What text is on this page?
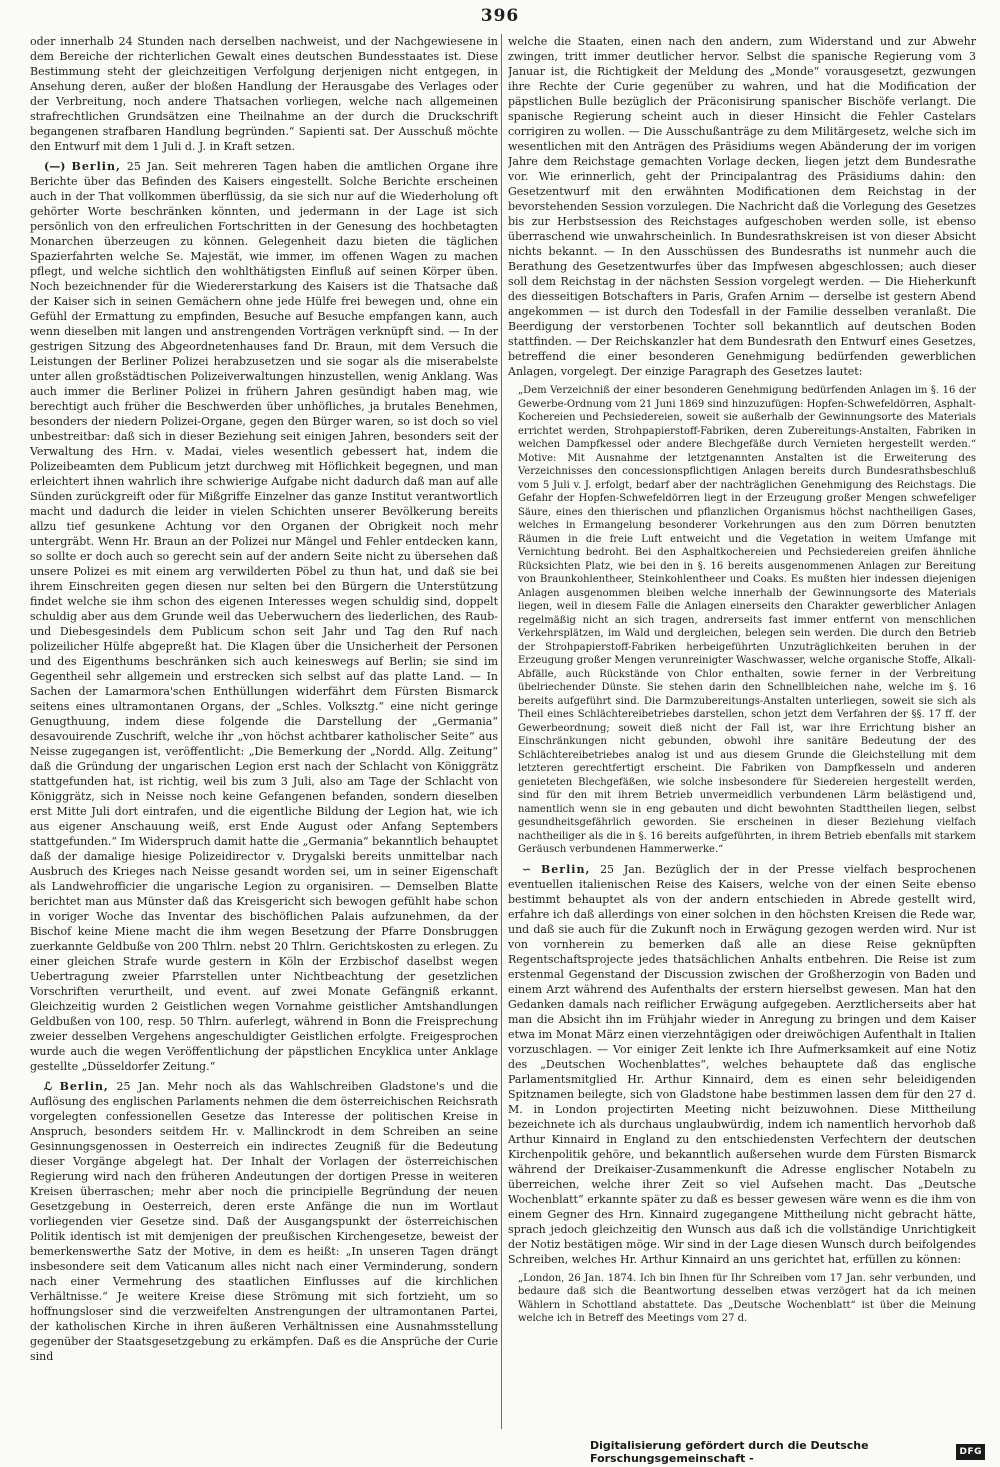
396

oder innerhalb 24 Stunden nach derselben nachweist, und der Nachgewiesene in dem Bereiche der richterlichen Gewalt eines deutschen Bundesstaates ist. Diese Bestimmung steht der gleichzeitigen Verfolgung derjenigen nicht entgegen, in Ansehung deren, außer der bloßen Handlung der Herausgabe des Verlages oder der Verbreitung, noch andere Thatsachen vorliegen, welche nach allgemeinen strafrechtlichen Grundsätzen eine Theilnahme an der durch die Druckschrift begangenen strafbaren Handlung begründen.“ Sapienti sat. Der Ausschuß möchte den Entwurf mit dem 1 Juli d. J. in Kraft setzen.

(—) Berlin, 25 Jan. Seit mehreren Tagen haben die amtlichen Organe ihre Berichte über das Befinden des Kaisers eingestellt. Solche Berichte erscheinen auch in der That vollkommen überflüssig, da sie sich nur auf die Wiederholung oft gehörter Worte beschränken könnten, und jedermann in der Lage ist sich persönlich von den erfreulichen Fortschritten in der Genesung des hochbetagten Monarchen überzeugen zu können. Gelegenheit dazu bieten die täglichen Spazierfahrten welche Se. Majestät, wie immer, im offenen Wagen zu machen pflegt, und welche sichtlich den wohlthätigsten Einfluß auf seinen Körper üben. Noch bezeichnender für die Wiedererstarkung des Kaisers ist die Thatsache daß der Kaiser sich in seinen Gemächern ohne jede Hülfe frei bewegen und, ohne ein Gefühl der Ermattung zu empfinden, Besuche auf Besuche empfangen kann, auch wenn dieselben mit langen und anstrengenden Vorträgen verknüpft sind. — In der gestrigen Sitzung des Abgeordnetenhauses fand Dr. Braun, mit dem Versuch die Leistungen der Berliner Polizei herabzusetzen und sie sogar als die miserabelste unter allen großstädtischen Polizeiverwaltungen hinzustellen, wenig Anklang. Was auch immer die Berliner Polizei in frühern Jahren gesündigt haben mag, wie berechtigt auch früher die Beschwerden über unhöfliches, ja brutales Benehmen, besonders der niedern Polizei-Organe, gegen den Bürger waren, so ist doch so viel unbestreitbar: daß sich in dieser Beziehung seit einigen Jahren, besonders seit der Verwaltung des Hrn. v. Madai, vieles wesentlich gebessert hat, indem die Polizeibeamten dem Publicum jetzt durchweg mit Höflichkeit begegnen, und man erleichtert ihnen wahrlich ihre schwierige Aufgabe nicht dadurch daß man auf alle Sünden zurückgreift oder für Mißgriffe Einzelner das ganze Institut verantwortlich macht und dadurch die leider in vielen Schichten unserer Bevölkerung bereits allzu tief gesunkene Achtung vor den Organen der Obrigkeit noch mehr untergräbt. Wenn Hr. Braun an der Polizei nur Mängel und Fehler entdecken kann, so sollte er doch auch so gerecht sein auf der andern Seite nicht zu übersehen daß unsere Polizei es mit einem arg verwilderten Pöbel zu thun hat, und daß sie bei ihrem Einschreiten gegen diesen nur selten bei den Bürgern die Unterstützung findet welche sie ihm schon des eigenen Interesses wegen schuldig sind, doppelt schuldig aber aus dem Grunde weil das Ueberwuchern des liederlichen, des Raub- und Diebesgesindels dem Publicum schon seit Jahr und Tag den Ruf nach polizeilicher Hülfe abgepreßt hat. Die Klagen über die Unsicherheit der Personen und des Eigenthums beschränken sich auch keineswegs auf Berlin; sie sind im Gegentheil sehr allgemein und erstrecken sich selbst auf das platte Land. — In Sachen der Lamarmora'schen Enthüllungen widerfährt dem Fürsten Bismarck seitens eines ultramontanen Organs, der „Schles. Volksztg.“ eine nicht geringe Genugthuung, indem diese folgende die Darstellung der „Germania“ desavouirende Zuschrift, welche ihr „von höchst achtbarer katholischer Seite“ aus Neisse zugegangen ist, veröffentlicht: „Die Bemerkung der „Nordd. Allg. Zeitung“ daß die Gründung der ungarischen Legion erst nach der Schlacht von Königgrätz stattgefunden hat, ist richtig, weil bis zum 3 Juli, also am Tage der Schlacht von Königgrätz, sich in Neisse noch keine Gefangenen befanden, sondern dieselben erst Mitte Juli dort eintrafen, und die eigentliche Bildung der Legion hat, wie ich aus eigener Anschauung weiß, erst Ende August oder Anfang Septembers stattgefunden.“ Im Widerspruch damit hatte die „Germania“ bekanntlich behauptet daß der damalige hiesige Polizeidirector v. Drygalski bereits unmittelbar nach Ausbruch des Krieges nach Neisse gesandt worden sei, um in seiner Eigenschaft als Landwehrofficier die ungarische Legion zu organisiren. — Demselben Blatte berichtet man aus Münster daß das Kreisgericht sich bewogen gefühlt habe schon in voriger Woche das Inventar des bischöflichen Palais aufzunehmen, da der Bischof keine Miene macht die ihm wegen Besetzung der Pfarre Donsbruggen zuerkannte Geldbuße von 200 Thlrn. nebst 20 Thlrn. Gerichtskosten zu erlegen. Zu einer gleichen Strafe wurde gestern in Köln der Erzbischof daselbst wegen Uebertragung zweier Pfarrstellen unter Nichtbeachtung der gesetzlichen Vorschriften verurtheilt, und event. auf zwei Monate Gefängniß erkannt. Gleichzeitig wurden 2 Geistlichen wegen Vornahme geistlicher Amtshandlungen Geldbußen von 100, resp. 50 Thlrn. auferlegt, während in Bonn die Freisprechung zweier desselben Vergehens angeschuldigter Geistlichen erfolgte. Freigesprochen wurde auch die wegen Veröffentlichung der päpstlichen Encyklica unter Anklage gestellte „Düsseldorfer Zeitung.“

ℒ Berlin, 25 Jan. Mehr noch als das Wahlschreiben Gladstone's und die Auflösung des englischen Parlaments nehmen die dem österreichischen Reichsrath vorgelegten confessionellen Gesetze das Interesse der politischen Kreise in Anspruch, besonders seitdem Hr. v. Mallinckrodt in dem Schreiben an seine Gesinnungsgenossen in Oesterreich ein indirectes Zeugniß für die Bedeutung dieser Vorgänge abgelegt hat. Der Inhalt der Vorlagen der österreichischen Regierung wird nach den früheren Andeutungen der dortigen Presse in weiteren Kreisen überraschen; mehr aber noch die principielle Begründung der neuen Gesetzgebung in Oesterreich, deren erste Anfänge die nun im Wortlaut vorliegenden vier Gesetze sind. Daß der Ausgangspunkt der österreichischen Politik identisch ist mit demjenigen der preußischen Kirchengesetze, beweist der bemerkenswerthe Satz der Motive, in dem es heißt: „In unseren Tagen drängt insbesondere seit dem Vaticanum alles nicht nach einer Verminderung, sondern nach einer Vermehrung des staatlichen Einflusses auf die kirchlichen Verhältnisse.“ Je weitere Kreise diese Strömung mit sich fortzieht, um so hoffnungsloser sind die verzweifelten Anstrengungen der ultramontanen Partei, der katholischen Kirche in ihren äußeren Verhältnissen eine Ausnahmsstellung gegenüber der Staatsgesetzgebung zu erkämpfen. Daß es die Ansprüche der Curie sind

welche die Staaten, einen nach den andern, zum Widerstand und zur Abwehr zwingen, tritt immer deutlicher hervor. Selbst die spanische Regierung vom 3 Januar ist, die Richtigkeit der Meldung des „Monde“ vorausgesetzt, gezwungen ihre Rechte der Curie gegenüber zu wahren, und hat die Modification der päpstlichen Bulle bezüglich der Präconisirung spanischer Bischöfe verlangt. Die spanische Regierung scheint auch in dieser Hinsicht die Fehler Castelars corrigiren zu wollen. — Die Ausschußanträge zu dem Militärgesetz, welche sich im wesentlichen mit den Anträgen des Präsidiums wegen Abänderung der im vorigen Jahre dem Reichstage gemachten Vorlage decken, liegen jetzt dem Bundesrathe vor. Wie erinnerlich, geht der Principalantrag des Präsidiums dahin: den Gesetzentwurf mit den erwähnten Modificationen dem Reichstag in der bevorstehenden Session vorzulegen. Die Nachricht daß die Vorlegung des Gesetzes bis zur Herbstsession des Reichstages aufgeschoben werden solle, ist ebenso überraschend wie unwahrscheinlich. In Bundesrathskreisen ist von dieser Absicht nichts bekannt. — In den Ausschüssen des Bundesraths ist nunmehr auch die Berathung des Gesetzentwurfes über das Impfwesen abgeschlossen; auch dieser soll dem Reichstag in der nächsten Session vorgelegt werden. — Die Hieherkunft des diesseitigen Botschafters in Paris, Grafen Arnim — derselbe ist gestern Abend angekommen — ist durch den Todesfall in der Familie desselben veranlaßt. Die Beerdigung der verstorbenen Tochter soll bekanntlich auf deutschen Boden stattfinden. — Der Reichskanzler hat dem Bundesrath den Entwurf eines Gesetzes, betreffend die einer besonderen Genehmigung bedürfenden gewerblichen Anlagen, vorgelegt. Der einzige Paragraph des Gesetzes lautet:

„Dem Verzeichniß der einer besonderen Genehmigung bedürfenden Anlagen im §. 16 der Gewerbe-Ordnung vom 21 Juni 1869 sind hinzuzufügen: Hopfen-Schwefeldörren, Asphalt-Kochereien und Pechsiedereien, soweit sie außerhalb der Gewinnungsorte des Materials errichtet werden, Strohpapierstoff-Fabriken, deren Zubereitungs-Anstalten, Fabriken in welchen Dampfkessel oder andere Blechgefäße durch Vernieten hergestellt werden.“ Motive: Mit Ausnahme der letztgenannten Anstalten ist die Erweiterung des Verzeichnisses den concessionspflichtigen Anlagen bereits durch Bundesrathsbeschluß vom 5 Juli v. J. erfolgt, bedarf aber der nachträglichen Genehmigung des Reichstags. Die Gefahr der Hopfen-Schwefeldörren liegt in der Erzeugung großer Mengen schwefeliger Säure, eines den thierischen und pflanzlichen Organismus höchst nachtheiligen Gases, welches in Ermangelung besonderer Vorkehrungen aus den zum Dörren benutzten Räumen in die freie Luft entweicht und die Vegetation in weitem Umfange mit Vernichtung bedroht. Bei den Asphaltkochereien und Pechsiedereien greifen ähnliche Rücksichten Platz, wie bei den in §. 16 bereits ausgenommenen Anlagen zur Bereitung von Braunkohlentheer, Steinkohlentheer und Coaks. Es mußten hier indessen diejenigen Anlagen ausgenommen bleiben welche innerhalb der Gewinnungsorte des Materials liegen, weil in diesem Falle die Anlagen einerseits den Charakter gewerblicher Anlagen regelmäßig nicht an sich tragen, andrerseits fast immer entfernt von menschlichen Verkehrsplätzen, im Wald und dergleichen, belegen sein werden. Die durch den Betrieb der Strohpapierstoff-Fabriken herbeigeführten Unzuträglichkeiten beruhen in der Erzeugung großer Mengen verunreinigter Waschwasser, welche organische Stoffe, Alkali-Abfälle, auch Rückstände von Chlor enthalten, sowie ferner in der Verbreitung übelriechender Dünste. Sie stehen darin den Schnellbleichen nahe, welche im §. 16 bereits aufgeführt sind. Die Darmzubereitungs-Anstalten unterliegen, soweit sie sich als Theil eines Schlächtereibetriebes darstellen, schon jetzt dem Verfahren der §§. 17 ff. der Gewerbeordnung; soweit dieß nicht der Fall ist, war ihre Errichtung bisher an Einschränkungen nicht gebunden, obwohl ihre sanitäre Bedeutung der des Schlächtereibetriebes analog ist und aus diesem Grunde die Gleichstellung mit dem letzteren gerechtfertigt erscheint. Die Fabriken von Dampfkesseln und anderen genieteten Blechgefäßen, wie solche insbesondere für Siedereien hergestellt werden, sind für den mit ihrem Betrieb unvermeidlich verbundenen Lärm belästigend und, namentlich wenn sie in eng gebauten und dicht bewohnten Stadttheilen liegen, selbst gesundheitsgefährlich geworden. Sie erscheinen in dieser Beziehung vielfach nachtheiliger als die in §. 16 bereits aufgeführten, in ihrem Betrieb ebenfalls mit starkem Geräusch verbundenen Hammerwerke.“

∽ Berlin, 25 Jan. Bezüglich der in der Presse vielfach besprochenen eventuellen italienischen Reise des Kaisers, welche von der einen Seite ebenso bestimmt behauptet als von der andern entschieden in Abrede gestellt wird, erfahre ich daß allerdings von einer solchen in den höchsten Kreisen die Rede war, und daß sie auch für die Zukunft noch in Erwägung gezogen werden wird. Nur ist von vornherein zu bemerken daß alle an diese Reise geknüpften Regentschaftsprojecte jedes thatsächlichen Anhalts entbehren. Die Reise ist zum erstenmal Gegenstand der Discussion zwischen der Großherzogin von Baden und einem Arzt während des Aufenthalts der erstern hierselbst gewesen. Man hat den Gedanken damals nach reiflicher Erwägung aufgegeben. Aerztlicherseits aber hat man die Absicht ihn im Frühjahr wieder in Anregung zu bringen und dem Kaiser etwa im Monat März einen vierzehntägigen oder dreiwöchigen Aufenthalt in Italien vorzuschlagen. — Vor einiger Zeit lenkte ich Ihre Aufmerksamkeit auf eine Notiz des „Deutschen Wochenblattes“, welches behauptete daß das englische Parlamentsmitglied Hr. Arthur Kinnaird, dem es einen sehr beleidigenden Spitznamen beilegte, sich von Gladstone habe bestimmen lassen dem für den 27 d. M. in London projectirten Meeting nicht beizuwohnen. Diese Mittheilung bezeichnete ich als durchaus unglaubwürdig, indem ich namentlich hervorhob daß Arthur Kinnaird in England zu den entschiedensten Verfechtern der deutschen Kirchenpolitik gehöre, und bekanntlich außersehen wurde dem Fürsten Bismarck während der Dreikaiser-Zusammenkunft die Adresse englischer Notabeln zu überreichen, welche ihrer Zeit so viel Aufsehen macht. Das „Deutsche Wochenblatt“ erkannte später zu daß es besser gewesen wäre wenn es die ihm von einem Gegner des Hrn. Kinnaird zugegangene Mittheilung nicht gebracht hätte, sprach jedoch gleichzeitig den Wunsch aus daß ich die vollständige Unrichtigkeit der Notiz bestätigen möge. Wir sind in der Lage diesen Wunsch durch beifolgendes Schreiben, welches Hr. Arthur Kinnaird an uns gerichtet hat, erfüllen zu können:

„London, 26 Jan. 1874. Ich bin Ihnen für Ihr Schreiben vom 17 Jan. sehr verbunden, und bedaure daß sich die Beantwortung desselben etwas verzögert hat da ich meinen Wählern in Schottland abstattete. Das „Deutsche Wochenblatt“ ist über die Meinung welche ich in Betreff des Meetings vom 27 d.
Digitalisierung gefördert durch die Deutsche Forschungsgemeinschaft -	DFG
